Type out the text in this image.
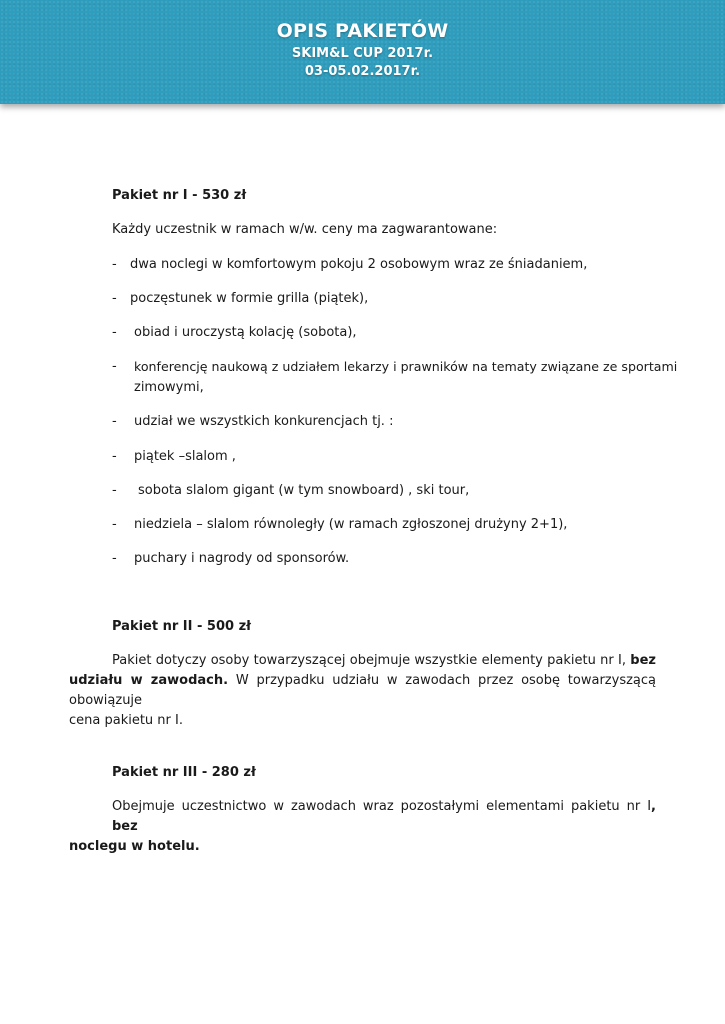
OPIS PAKIETÓW
SKIM&L CUP 2017r.
03-05.02.2017r.
Pakiet nr I - 530 zł
Każdy uczestnik w ramach w/w. ceny ma zagwarantowane:
- dwa noclegi w komfortowym pokoju 2 osobowym wraz ze śniadaniem,
- poczęstunek w formie grilla (piątek),
- obiad i uroczystą kolację (sobota),
- konferencję naukową z udziałem lekarzy i prawników na tematy związane ze sportami
zimowymi,
- udział we wszystkich konkurencjach tj. :
- piątek –slalom ,
- sobota slalom gigant (w tym snowboard) , ski tour,
- niedziela – slalom równoległy (w ramach zgłoszonej drużyny 2+1),
- puchary i nagrody od sponsorów.
Pakiet nr II - 500 zł
Pakiet dotyczy osoby towarzyszącej obejmuje wszystkie elementy pakietu nr I, bez
udziału w zawodach. W przypadku udziału w zawodach przez osobę towarzyszącą obowiązuje
cena pakietu nr I.
Pakiet nr III - 280 zł
Obejmuje uczestnictwo w zawodach wraz pozostałymi elementami pakietu nr I, bez
noclegu w hotelu.
